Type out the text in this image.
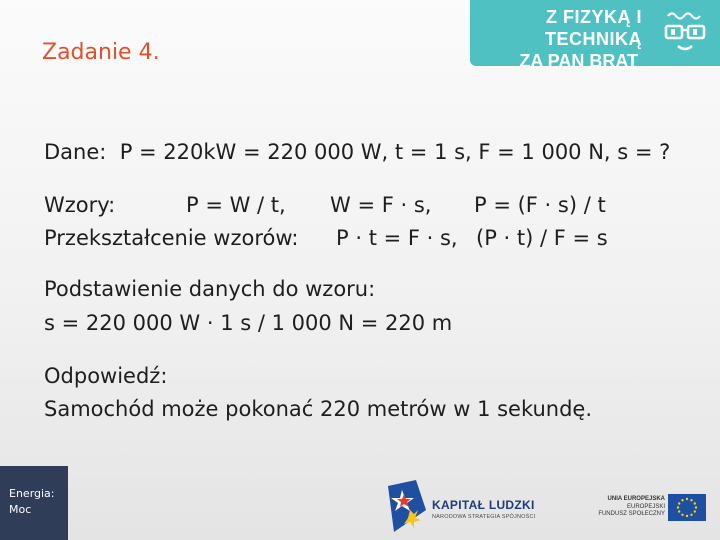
Z FIZYKĄ I TECHNIKĄ
ZA PAN BRAT
Zadanie 4.
Dane:  P = 220kW = 220 000 W, t = 1 s, F = 1 000 N, s = ?
Wzory:	P = W / t, W = F · s, P = (F · s) / t
Przekształcenie wzorów: P · t = F · s, (P · t) / F = s
Podstawienie danych do wzoru:
s = 220 000 W · 1 s / 1 000 N = 220 m
Odpowiedź:
Samochód może pokonać 220 metrów w 1 sekundę.
Energia:
Moc	KAPITAŁ LUDZKI
NARODOWA STRATEGIA SPÓJNOŚCI
UNIA EUROPEJSKA
EUROPEJSKI
FUNDUSZ SPOŁECZNY
